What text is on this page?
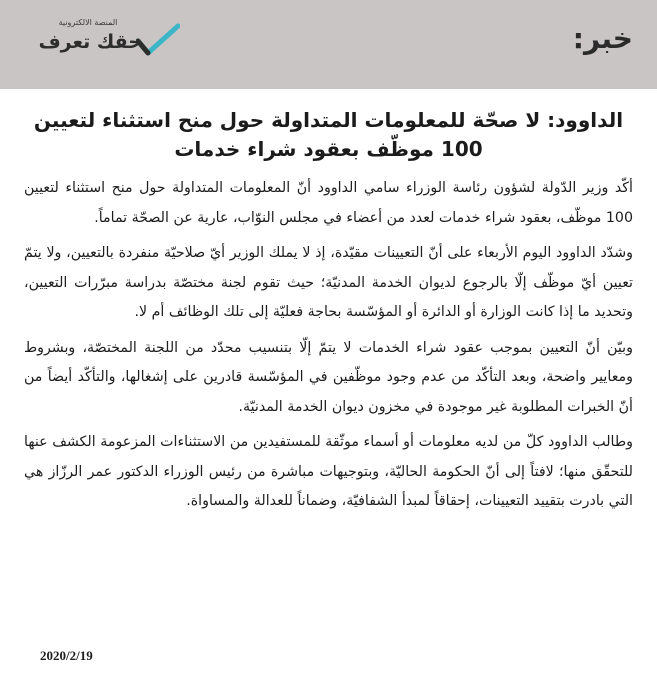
خبر:
المنصة الالكترونية
حقك تعرف
الداوود: لا صحّة للمعلومات المتداولة حول منح استثناء لتعيين 100 موظّف بعقود شراء خدمات

أكّد وزير الدّولة لشؤون رئاسة الوزراء سامي الداوود أنّ المعلومات المتداولة حول منح استثناء لتعيين 100 موظّف، بعقود شراء خدمات لعدد من أعضاء في مجلس النوّاب، عارية عن الصحّة تماماً.

وشدّد الداوود اليوم الأربعاء على أنّ التعيينات مقيّدة، إذ لا يملك الوزير أيّ صلاحيّة منفردة بالتعيين، ولا يتمّ تعيين أيّ موظّف إلّا بالرجوع لديوان الخدمة المدنيّة؛ حيث تقوم لجنة مختصّة بدراسة مبرّرات التعيين، وتحديد ما إذا كانت الوزارة أو الدائرة أو المؤسّسة بحاجة فعليّة إلى تلك الوظائف أم لا.

وبيّن أنّ التعيين بموجب عقود شراء الخدمات لا يتمّ إلّا بتنسيب محدّد من اللجنة المختصّة، وبشروط ومعايير واضحة، وبعد التأكّد من عدم وجود موظّفين في المؤسّسة قادرين على إشغالها، والتأكّد أيضاً من أنّ الخبرات المطلوبة غير موجودة في مخزون ديوان الخدمة المدنيّة.

وطالب الداوود كلّ من لديه معلومات أو أسماء موثّقة للمستفيدين من الاستثناءات المزعومة الكشف عنها للتحقّق منها؛ لافتاً إلى أنّ الحكومة الحاليّة، وبتوجيهات مباشرة من رئيس الوزراء الدكتور عمر الرزّاز هي التي بادرت بتقييد التعيينات، إحقاقاً لمبدأ الشفافيّة، وضماناً للعدالة والمساواة.

2020/2/19
